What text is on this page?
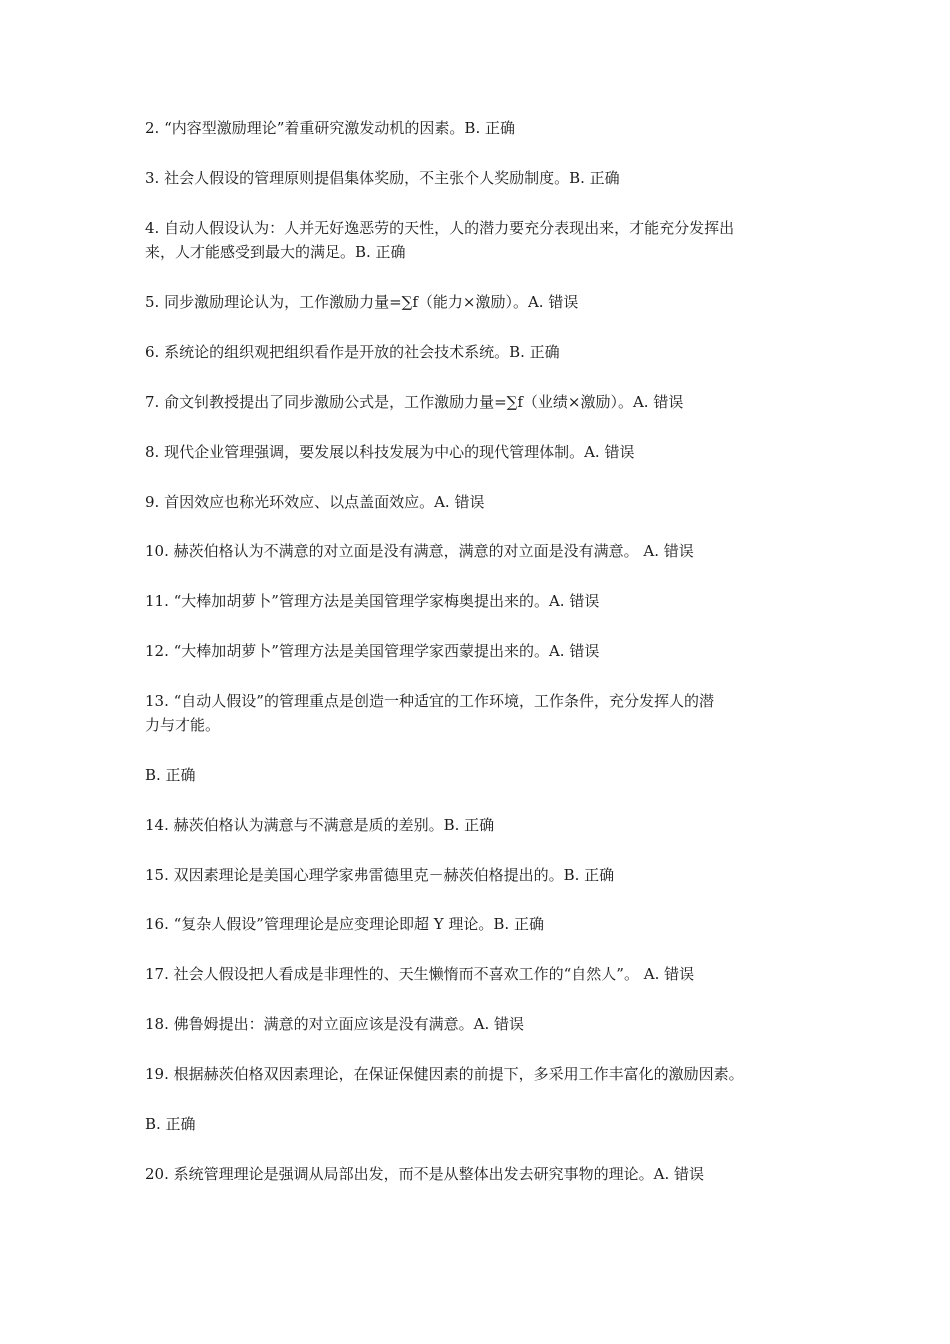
2. “内容型激励理论”着重研究激发动机的因素。B. 正确
3. 社会人假设的管理原则提倡集体奖励，不主张个人奖励制度。B. 正确
4. 自动人假设认为：人并无好逸恶劳的天性，人的潜力要充分表现出来，才能充分发挥出
来，人才能感受到最大的满足。B. 正确
5. 同步激励理论认为，工作激励力量=∑f（能力×激励）。A. 错误
6. 系统论的组织观把组织看作是开放的社会技术系统。B. 正确
7. 俞文钊教授提出了同步激励公式是，工作激励力量=∑f（业绩×激励）。A. 错误
8. 现代企业管理强调，要发展以科技发展为中心的现代管理体制。A. 错误
9. 首因效应也称光环效应、以点盖面效应。A. 错误
10. 赫茨伯格认为不满意的对立面是没有满意，满意的对立面是没有满意。 A. 错误
11. “大棒加胡萝卜”管理方法是美国管理学家梅奥提出来的。A. 错误
12. “大棒加胡萝卜”管理方法是美国管理学家西蒙提出来的。A. 错误
13. “自动人假设”的管理重点是创造一种适宜的工作环境，工作条件，充分发挥人的潜
力与才能。
B. 正确
14. 赫茨伯格认为满意与不满意是质的差别。B. 正确
15. 双因素理论是美国心理学家弗雷德里克－赫茨伯格提出的。B. 正确
16. “复杂人假设”管理理论是应变理论即超 Y 理论。B. 正确
17. 社会人假设把人看成是非理性的、天生懒惰而不喜欢工作的“自然人”。 A. 错误
18. 佛鲁姆提出：满意的对立面应该是没有满意。A. 错误
19. 根据赫茨伯格双因素理论，在保证保健因素的前提下，多采用工作丰富化的激励因素。
B. 正确
20. 系统管理理论是强调从局部出发，而不是从整体出发去研究事物的理论。A. 错误
